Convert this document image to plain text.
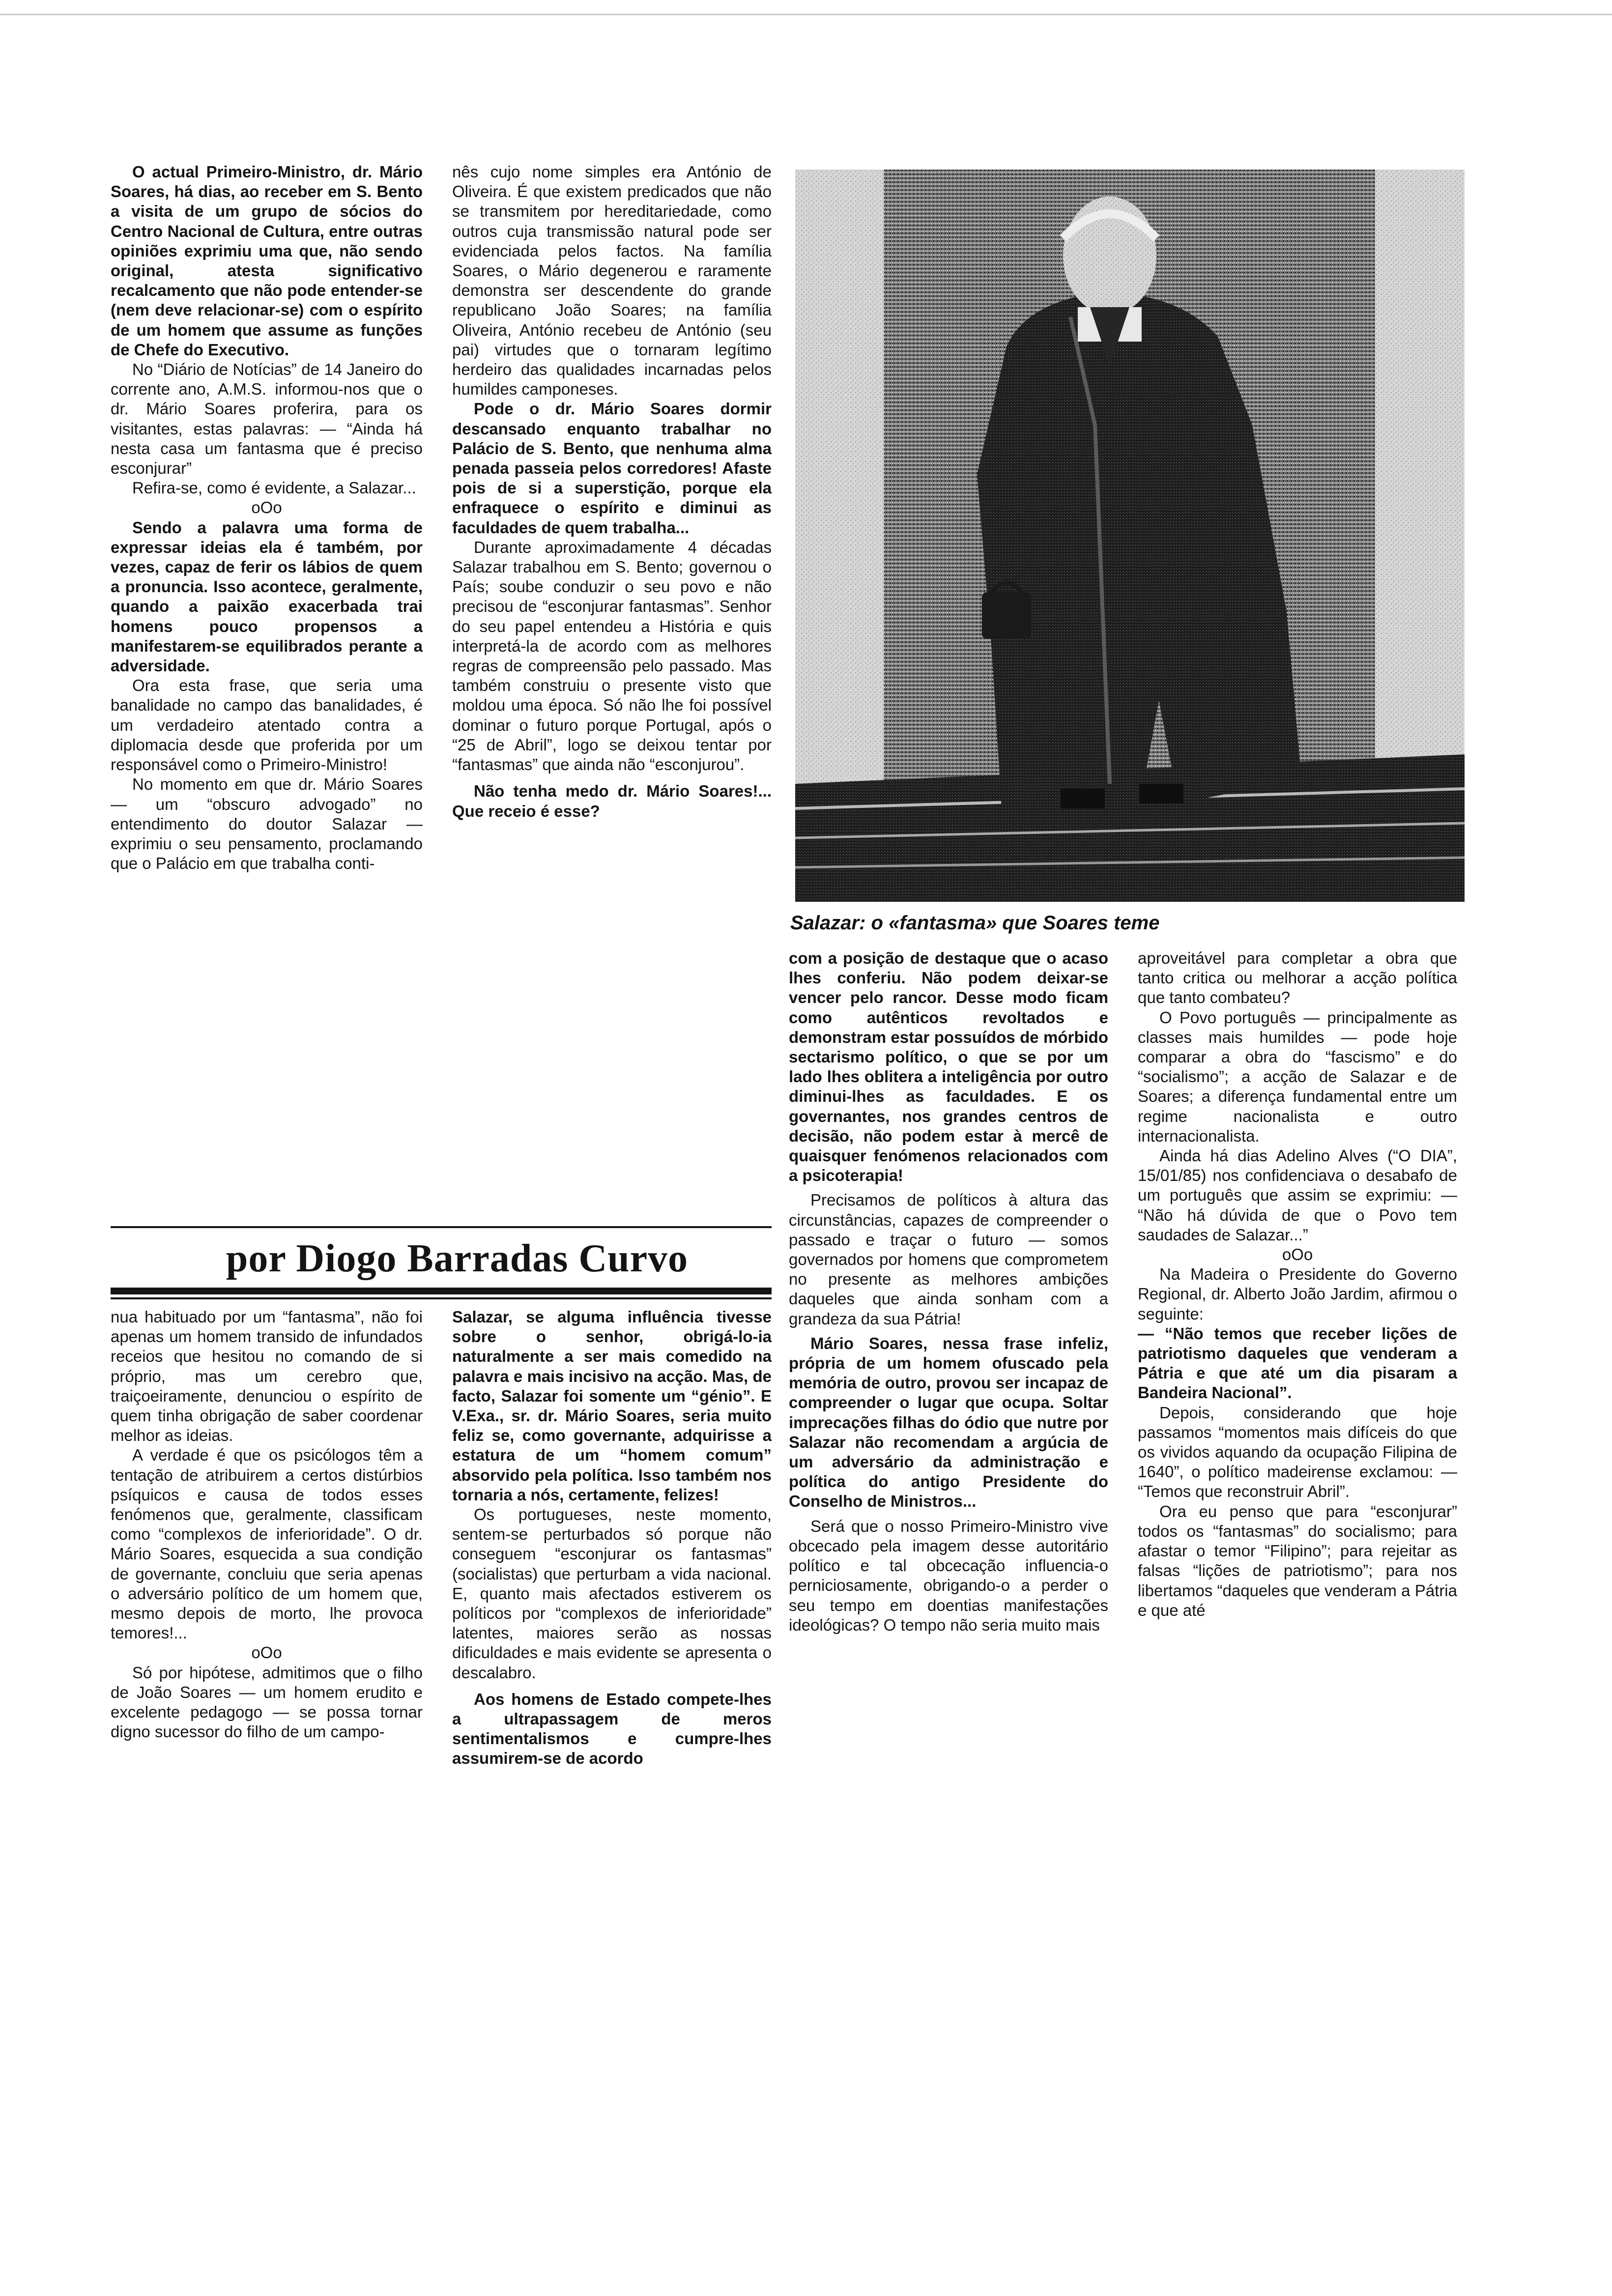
O actual Primeiro-Ministro, dr. Mário Soares, há dias, ao receber em S. Bento a visita de um grupo de sócios do Centro Nacional de Cultura, entre outras opiniões exprimiu uma que, não sendo original, atesta significativo recalcamento que não pode entender-se (nem deve relacionar-se) com o espírito de um homem que assume as funções de Chefe do Executivo.

No “Diário de Notícias” de 14 Janeiro do corrente ano, A.M.S. informou-nos que o dr. Mário Soares proferira, para os visitantes, estas palavras: — “Ainda há nesta casa um fantasma que é preciso esconjurar”

Refira-se, como é evidente, a Salazar...

oOo

Sendo a palavra uma forma de expressar ideias ela é também, por vezes, capaz de ferir os lábios de quem a pronuncia. Isso acontece, geralmente, quando a paixão exacerbada trai homens pouco propensos a manifestarem-se equilibrados perante a adversidade.

Ora esta frase, que seria uma banalidade no campo das banalidades, é um verdadeiro atentado contra a diplomacia desde que proferida por um responsável como o Primeiro-Ministro!

No momento em que dr. Mário Soares — um “obscuro advogado” no entendimento do doutor Salazar — exprimiu o seu pensamento, proclamando que o Palácio em que trabalha conti-

nês cujo nome simples era António de Oliveira. É que existem predicados que não se transmitem por hereditariedade, como outros cuja transmissão natural pode ser evidenciada pelos factos. Na família Soares, o Mário degenerou e raramente demonstra ser descendente do grande republicano João Soares; na família Oliveira, António recebeu de António (seu pai) virtudes que o tornaram legítimo herdeiro das qualidades incarnadas pelos humildes camponeses.

Pode o dr. Mário Soares dormir descansado enquanto trabalhar no Palácio de S. Bento, que nenhuma alma penada passeia pelos corredores! Afaste pois de si a superstição, porque ela enfraquece o espírito e diminui as faculdades de quem trabalha...

Durante aproximadamente 4 décadas Salazar trabalhou em S. Bento; governou o País; soube conduzir o seu povo e não precisou de “esconjurar fantasmas”. Senhor do seu papel entendeu a História e quis interpretá-la de acordo com as melhores regras de compreensão pelo passado. Mas também construiu o presente visto que moldou uma época. Só não lhe foi possível dominar o futuro porque Portugal, após o “25 de Abril”, logo se deixou tentar por “fantasmas” que ainda não “esconjurou”.

Não tenha medo dr. Mário Soares!... Que receio é esse?

por Diogo Barradas Curvo

nua habituado por um “fantasma”, não foi apenas um homem transido de infundados receios que hesitou no comando de si próprio, mas um cerebro que, traiçoeiramente, denunciou o espírito de quem tinha obrigação de saber coordenar melhor as ideias.

A verdade é que os psicólogos têm a tentação de atribuirem a certos distúrbios psíquicos e causa de todos esses fenómenos que, geralmente, classificam como “complexos de inferioridade”. O dr. Mário Soares, esquecida a sua condição de governante, concluiu que seria apenas o adversário político de um homem que, mesmo depois de morto, lhe provoca temores!...

oOo

Só por hipótese, admitimos que o filho de João Soares — um homem erudito e excelente pedagogo — se possa tornar digno sucessor do filho de um campo-

Salazar, se alguma influência tivesse sobre o senhor, obrigá-lo-ia naturalmente a ser mais comedido na palavra e mais incisivo na acção. Mas, de facto, Salazar foi somente um “génio”. E V.Exa., sr. dr. Mário Soares, seria muito feliz se, como governante, adquirisse a estatura de um “homem comum” absorvido pela política. Isso também nos tornaria a nós, certamente, felizes!

Os portugueses, neste momento, sentem-se perturbados só porque não conseguem “esconjurar os fantasmas” (socialistas) que perturbam a vida nacional. E, quanto mais afectados estiverem os políticos por “complexos de inferioridade” latentes, maiores serão as nossas dificuldades e mais evidente se apresenta o descalabro.

Aos homens de Estado compete-lhes a ultrapassagem de meros sentimentalismos e cumpre-lhes assumirem-se de acordo

Salazar: o «fantasma» que Soares teme

com a posição de destaque que o acaso lhes conferiu. Não podem deixar-se vencer pelo rancor. Desse modo ficam como autênticos revoltados e demonstram estar possuídos de mórbido sectarismo político, o que se por um lado lhes oblitera a inteligência por outro diminui-lhes as faculdades. E os governantes, nos grandes centros de decisão, não podem estar à mercê de quaisquer fenómenos relacionados com a psicoterapia!

Precisamos de políticos à altura das circunstâncias, capazes de compreender o passado e traçar o futuro — somos governados por homens que comprometem no presente as melhores ambições daqueles que ainda sonham com a grandeza da sua Pátria!

Mário Soares, nessa frase infeliz, própria de um homem ofuscado pela memória de outro, provou ser incapaz de compreender o lugar que ocupa. Soltar imprecações filhas do ódio que nutre por Salazar não recomendam a argúcia de um adversário da administração e política do antigo Presidente do Conselho de Ministros...

Será que o nosso Primeiro-Ministro vive obcecado pela imagem desse autoritário político e tal obcecação influencia-o perniciosamente, obrigando-o a perder o seu tempo em doentias manifestações ideológicas? O tempo não seria muito mais

aproveitável para completar a obra que tanto critica ou melhorar a acção política que tanto combateu?

O Povo português — principalmente as classes mais humildes — pode hoje comparar a obra do “fascismo” e do “socialismo”; a acção de Salazar e de Soares; a diferença fundamental entre um regime nacionalista e outro internacionalista.

Ainda há dias Adelino Alves (“O DIA”, 15/01/85) nos confidenciava o desabafo de um português que assim se exprimiu: — “Não há dúvida de que o Povo tem saudades de Salazar...”

oOo

Na Madeira o Presidente do Governo Regional, dr. Alberto João Jardim, afirmou o seguinte:

— “Não temos que receber lições de patriotismo daqueles que venderam a Pátria e que até um dia pisaram a Bandeira Nacional”.

Depois, considerando que hoje passamos “momentos mais difíceis do que os vividos aquando da ocupação Filipina de 1640”, o político madeirense exclamou: — “Temos que reconstruir Abril”.

Ora eu penso que para “esconjurar” todos os “fantasmas” do socialismo; para afastar o temor “Filipino”; para rejeitar as falsas “lições de patriotismo”; para nos libertamos “daqueles que venderam a Pátria e que até
